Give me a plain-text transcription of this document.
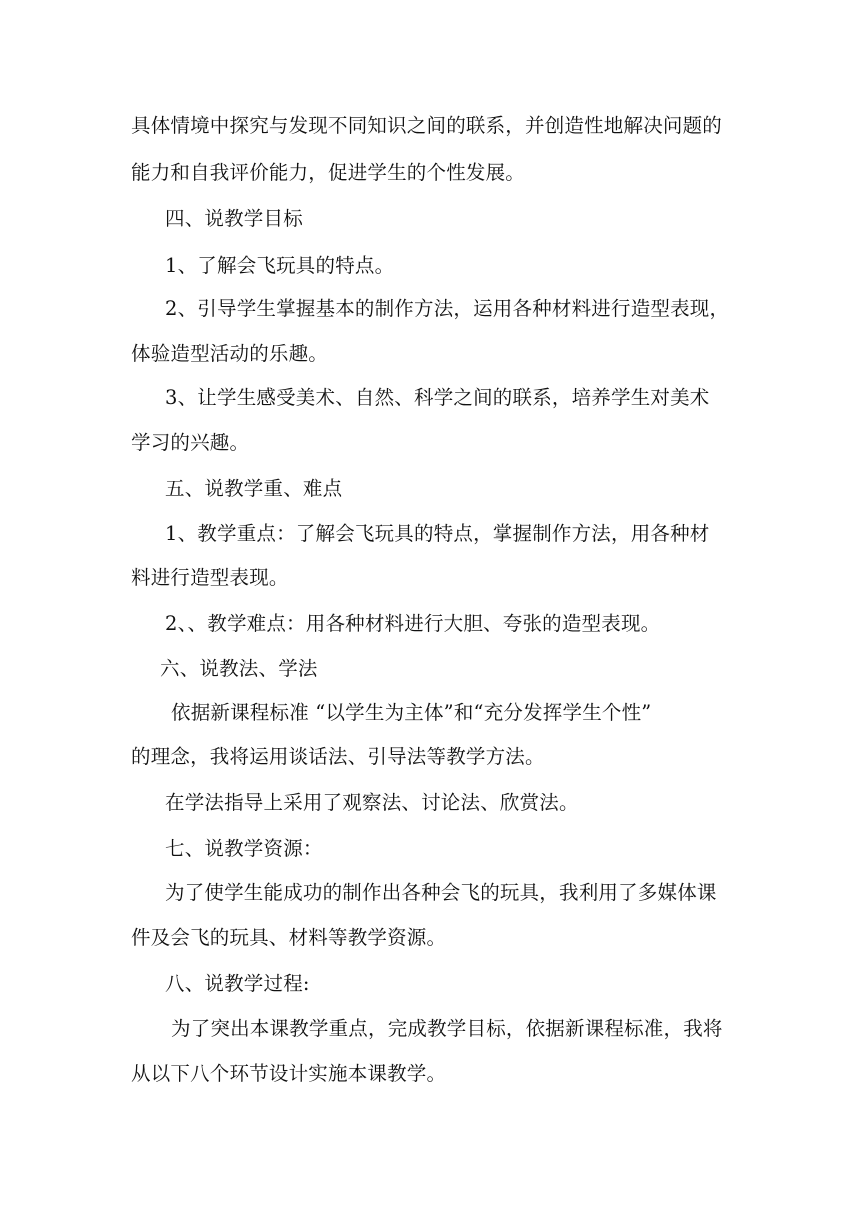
具体情境中探究与发现不同知识之间的联系，并创造性地解决问题的
能力和自我评价能力，促进学生的个性发展。
四、说教学目标
1、了解会飞玩具的特点。
2、引导学生掌握基本的制作方法，运用各种材料进行造型表现，
体验造型活动的乐趣。
3、让学生感受美术、自然、科学之间的联系，培养学生对美术
学习的兴趣。
五、说教学重、难点
1、教学重点：了解会飞玩具的特点，掌握制作方法，用各种材
料进行造型表现。
2、、教学难点：用各种材料进行大胆、夸张的造型表现。
六、说教法、学法
依据新课程标准 “以学生为主体”和“充分发挥学生个性”
的理念，我将运用谈话法、引导法等教学方法。
在学法指导上采用了观察法、讨论法、欣赏法。
七、说教学资源：
为了使学生能成功的制作出各种会飞的玩具，我利用了多媒体课
件及会飞的玩具、材料等教学资源。
八、说教学过程:
为了突出本课教学重点，完成教学目标，依据新课程标准，我将
从以下八个环节设计实施本课教学。
